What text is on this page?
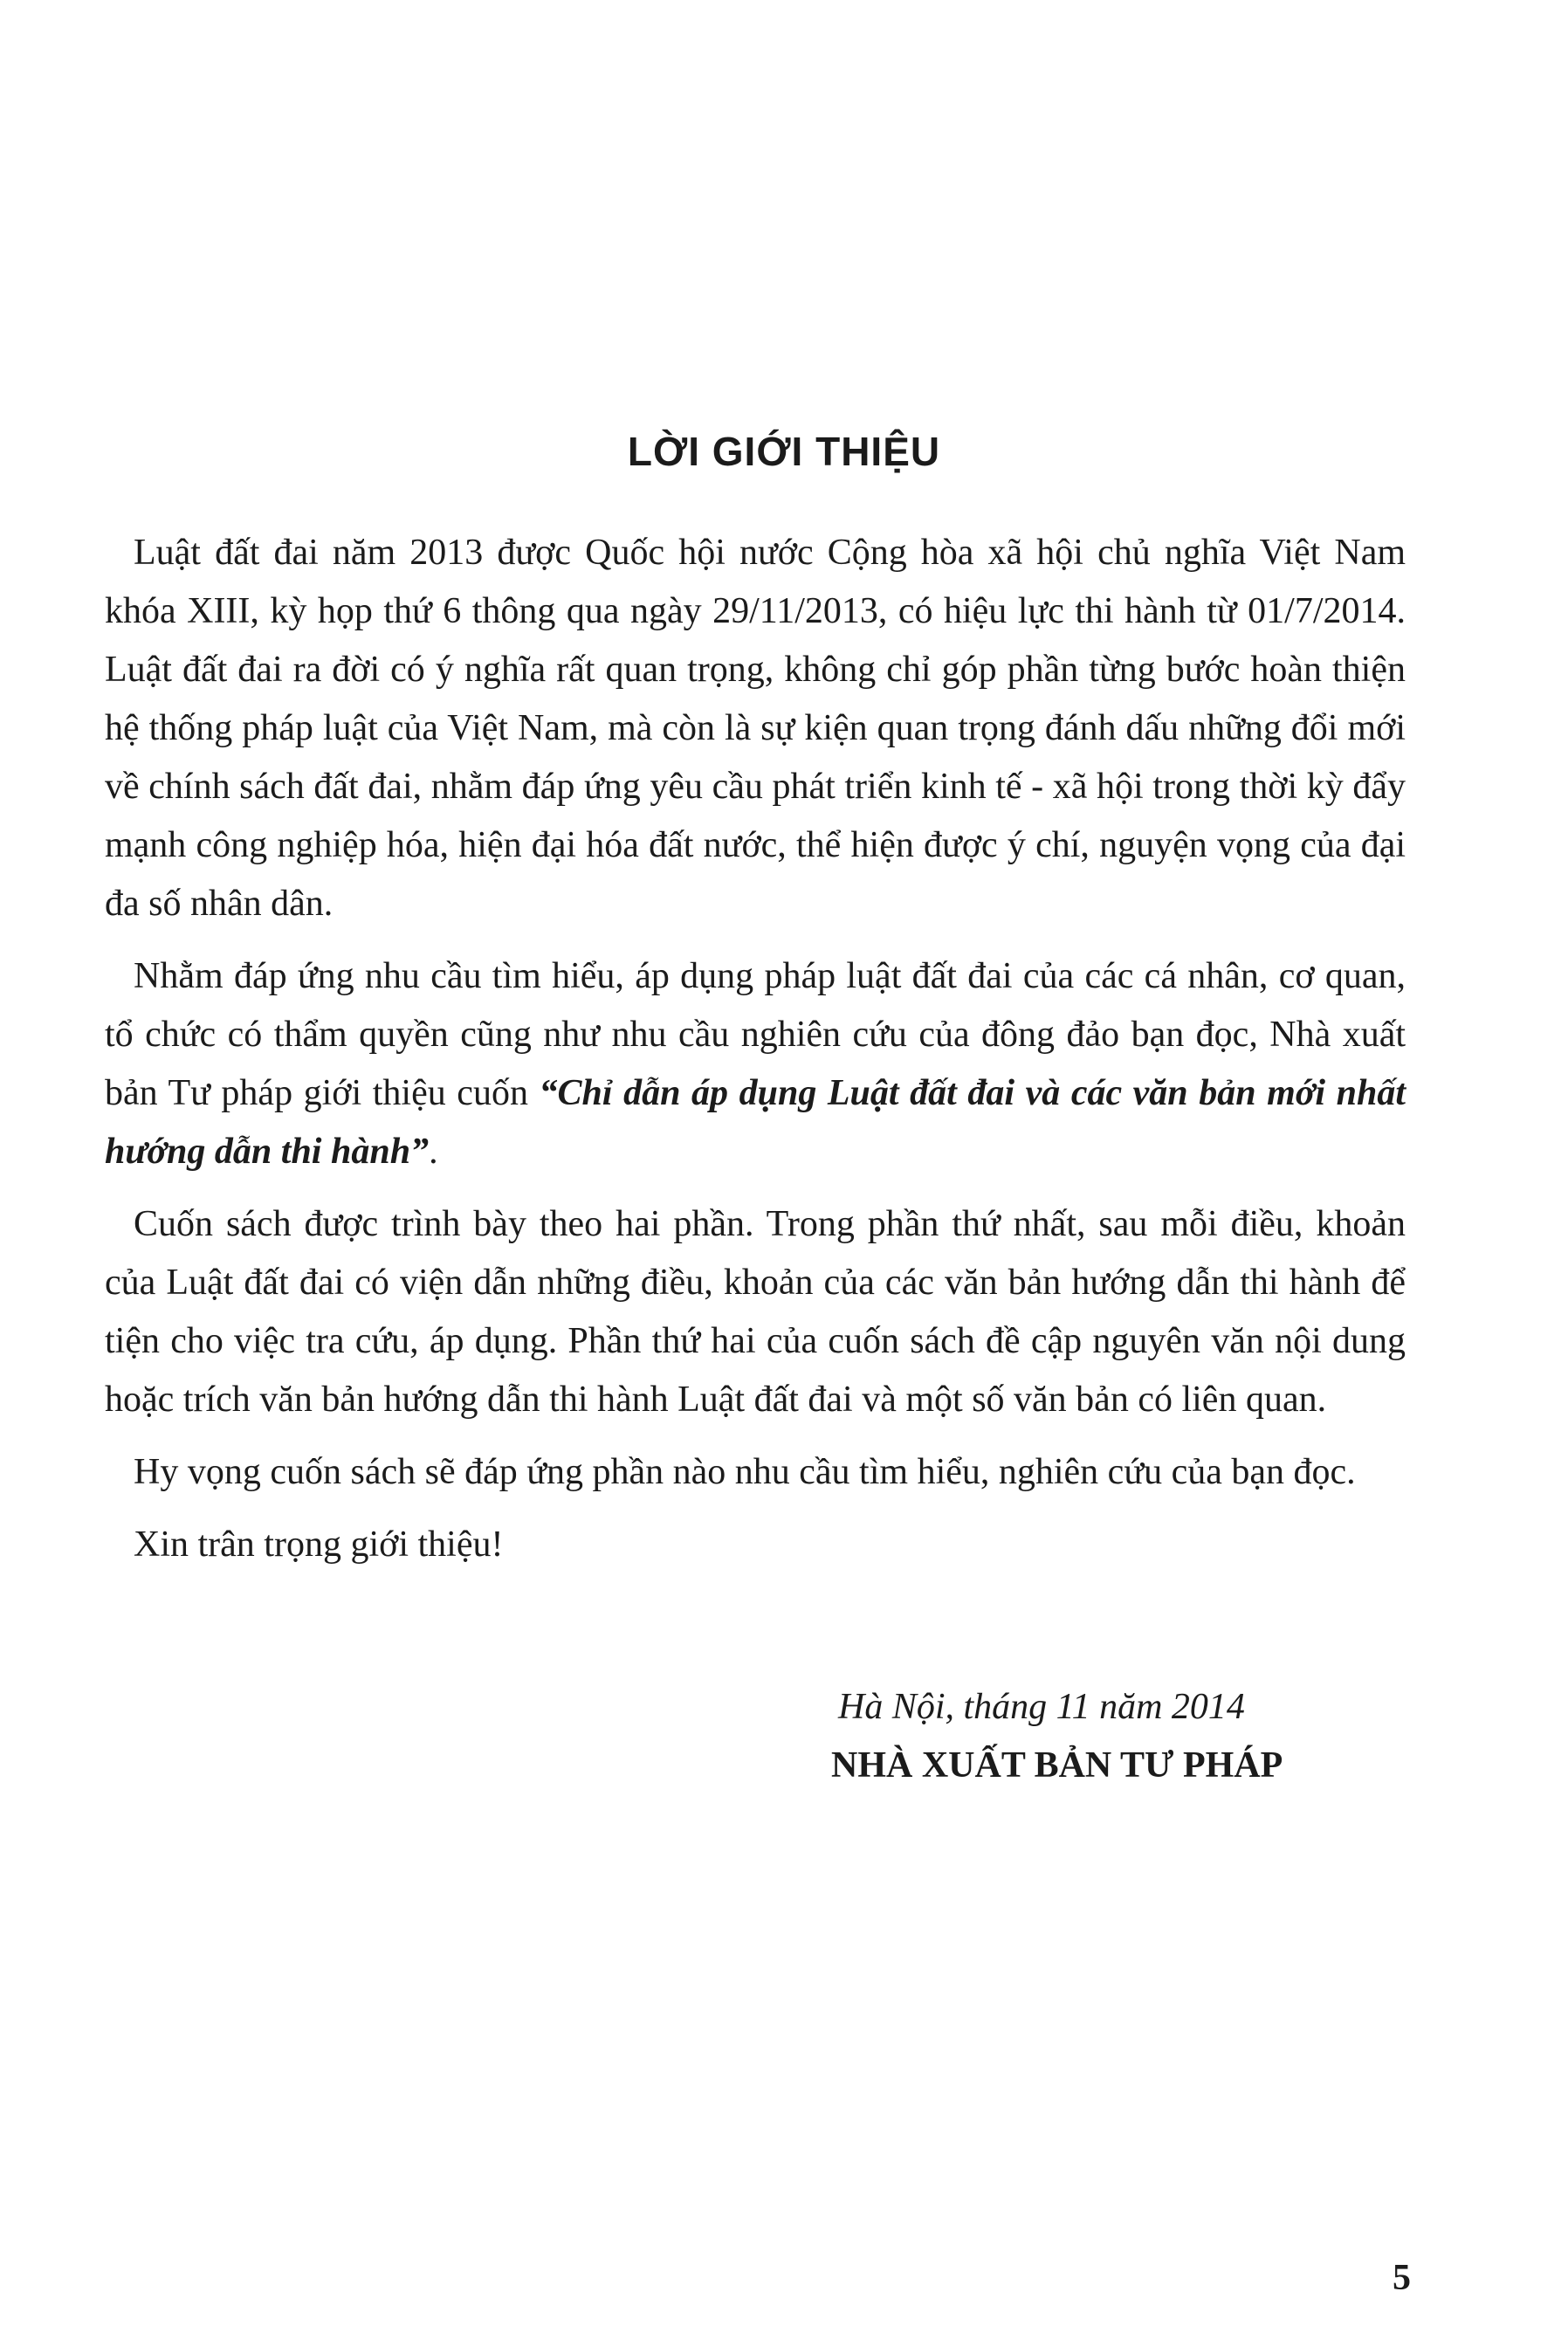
LỜI GIỚI THIỆU

Luật đất đai năm 2013 được Quốc hội nước Cộng hòa xã hội chủ nghĩa Việt Nam khóa XIII, kỳ họp thứ 6 thông qua ngày 29/11/2013, có hiệu lực thi hành từ 01/7/2014. Luật đất đai ra đời có ý nghĩa rất quan trọng, không chỉ góp phần từng bước hoàn thiện hệ thống pháp luật của Việt Nam, mà còn là sự kiện quan trọng đánh dấu những đổi mới về chính sách đất đai, nhằm đáp ứng yêu cầu phát triển kinh tế - xã hội trong thời kỳ đẩy mạnh công nghiệp hóa, hiện đại hóa đất nước, thể hiện được ý chí, nguyện vọng của đại đa số nhân dân.

Nhằm đáp ứng nhu cầu tìm hiểu, áp dụng pháp luật đất đai của các cá nhân, cơ quan, tổ chức có thẩm quyền cũng như nhu cầu nghiên cứu của đông đảo bạn đọc, Nhà xuất bản Tư pháp giới thiệu cuốn “Chỉ dẫn áp dụng Luật đất đai và các văn bản mới nhất hướng dẫn thi hành”.

Cuốn sách được trình bày theo hai phần. Trong phần thứ nhất, sau mỗi điều, khoản của Luật đất đai có viện dẫn những điều, khoản của các văn bản hướng dẫn thi hành để tiện cho việc tra cứu, áp dụng. Phần thứ hai của cuốn sách đề cập nguyên văn nội dung hoặc trích văn bản hướng dẫn thi hành Luật đất đai và một số văn bản có liên quan.

Hy vọng cuốn sách sẽ đáp ứng phần nào nhu cầu tìm hiểu, nghiên cứu của bạn đọc.

Xin trân trọng giới thiệu!

Hà Nội, tháng 11 năm 2014

NHÀ XUẤT BẢN TƯ PHÁP

5
